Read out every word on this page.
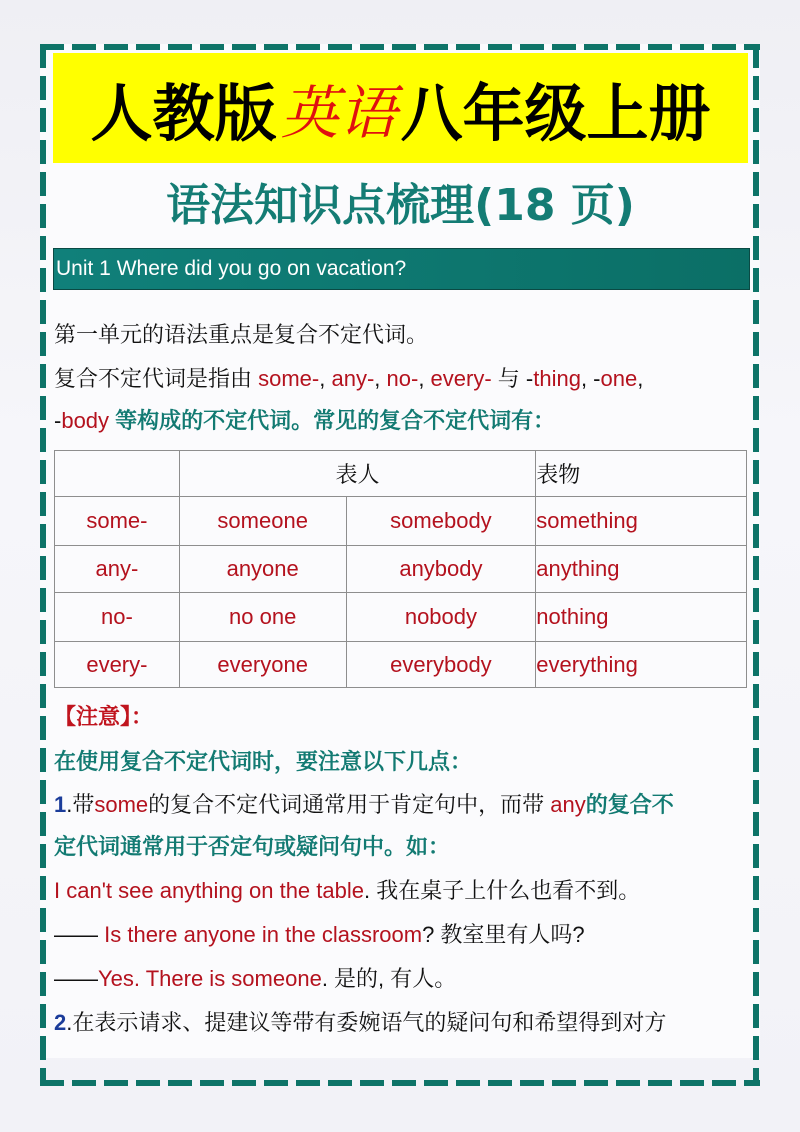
人教版 英语 八年级上册
语法知识点梳理(18 页)
Unit 1 Where did you go on vacation?
第一单元的语法重点是复合不定代词。
复合不定代词是指由 some-, any-, no-, every- 与 -thing, -one,
-body 等构成的不定代词。常见的复合不定代词有：
	表人		表物
some-	someone	somebody	something
any-	anyone	anybody	anything
no-	no one	nobody	nothing
every-	everyone	everybody	everything
【注意】：
在使用复合不定代词时，要注意以下几点：
1.带some的复合不定代词通常用于肯定句中，而带 any的复合不
定代词通常用于否定句或疑问句中。如：
I can't see anything on the table. 我在桌子上什么也看不到。
—— Is there anyone in the classroom? 教室里有人吗?
——Yes. There is someone. 是的, 有人。
2.在表示请求、提建议等带有委婉语气的疑问句和希望得到对方
